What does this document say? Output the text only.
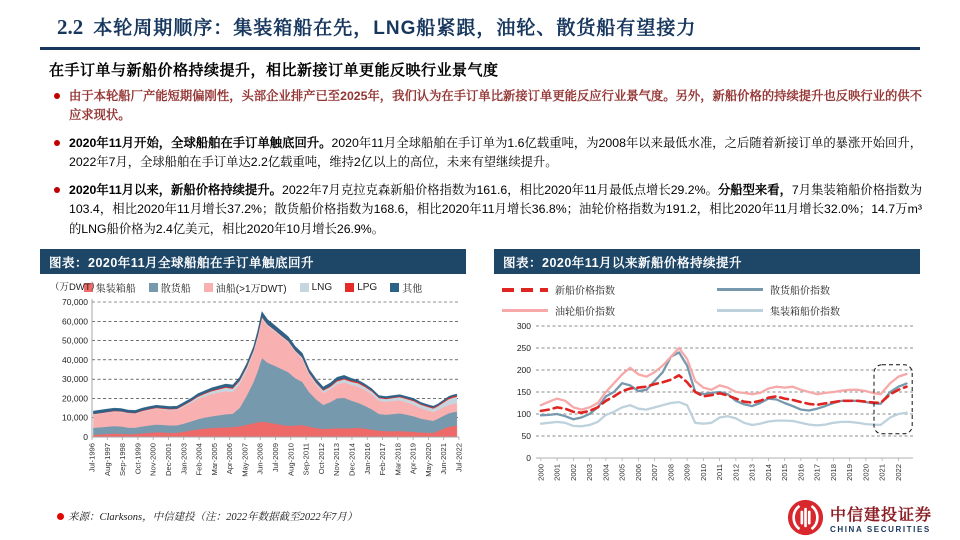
2.2 本轮周期顺序：集装箱船在先，LNG船紧跟，油轮、散货船有望接力
在手订单与新船价格持续提升，相比新接订单更能反映行业景气度
由于本轮船厂产能短期偏刚性，头部企业排产已至2025年，我们认为在手订单比新接订单更能反应行业景气度。另外，新船价格的持续提升也反映行业的供不应求现状。
2020年11月开始，全球船舶在手订单触底回升。2020年11月全球船舶在手订单为1.6亿载重吨，为2008年以来最低水准，之后随着新接订单的暴涨开始回升，2022年7月，全球船舶在手订单达2.2亿载重吨，维持2亿以上的高位，未来有望继续提升。
2020年11月以来，新船价格持续提升。2022年7月克拉克森新船价格指数为161.6，相比2020年11月最低点增长29.2%。分船型来看，7月集装箱船价格指数为103.4，相比2020年11月增长37.2%；散货船价格指数为168.6，相比2020年11月增长36.8%；油轮价格指数为191.2，相比2020年11月增长32.0%；14.7万m³的LNG船价格为2.4亿美元，相比2020年10月增长26.9%。
图表：2020年11月全球船舶在手订单触底回升
集装箱船	散货船	油船(>1万DWT)	LNG	LPG	其他
（万DWT）
0
10,000
20,000
30,000
40,000
50,000
60,000
70,000
Jul-1996 Aug-1997 Sep-1998 Oct-1999 Nov-2000 Dec-2001 Jan-2003 Feb-2004 Mar-2005 Apr-2006 May-2007 Jun-2008 Jul-2009 Aug-2010 Sep-2011 Oct-2012 Nov-2013 Dec-2014 Jan-2016 Feb-2017 Mar-2018 Apr-2019 May-2020 Jun-2021 Jul-2022
图表：2020年11月以来新船价格持续提升
新船价格指数	散货船价指数
油轮船价指数	集装箱船价指数
0
50
100
150
200
250
300
2000 2001 2002 2003 2004 2005 2006 2007 2008 2009 2010 2011 2012 2013 2014 2015 2016 2017 2018 2019 2020 2021 2022
来源：Clarksons，中信建投（注：2022年数据截至2022年7月）	中信建投证券
CHINA SECURITIES
